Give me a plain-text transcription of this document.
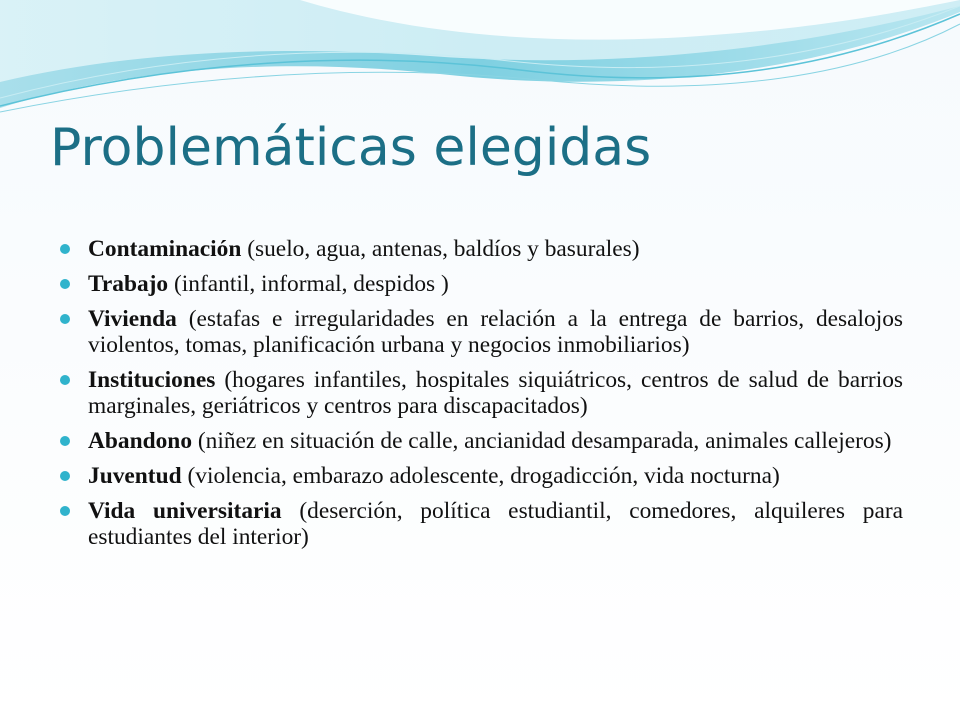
Problemáticas elegidas
Contaminación (suelo, agua, antenas, baldíos y basurales)
Trabajo (infantil, informal, despidos )
Vivienda (estafas e irregularidades en relación a la entrega de barrios, desalojos violentos, tomas, planificación urbana y negocios inmobiliarios)
Instituciones (hogares infantiles, hospitales siquiátricos, centros de salud de barrios marginales, geriátricos y centros para discapacitados)
Abandono (niñez en situación de calle, ancianidad desamparada, animales callejeros)
Juventud (violencia, embarazo adolescente, drogadicción, vida nocturna)
Vida universitaria (deserción, política estudiantil, comedores, alquileres para estudiantes del interior)
